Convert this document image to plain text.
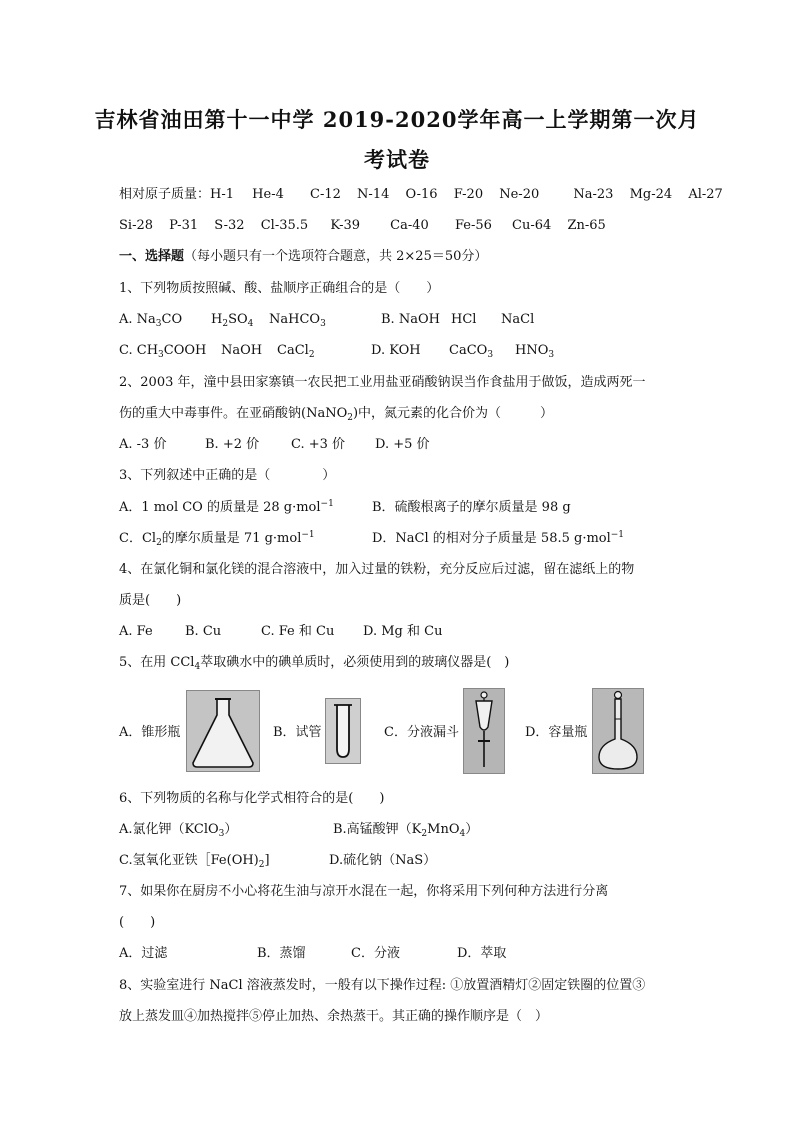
吉林省油田第十一中学 2019-2020学年高一上学期第一次月
考试卷
相对原子质量：H-1 He-4 C-12 N-14 O-16 F-20 Ne-20	Na-23 Mg-24 Al-27
Si-28 P-31 S-32 Cl-35.5 K-39 Ca-40 Fe-56 Cu-64 Zn-65
一、选择题（每小题只有一个选项符合题意，共 2×25＝50分）
1、下列物质按照碱、酸、盐顺序正确组合的是（　　）
A. $Na_3CO$ $H_2SO_4$ NaHCO$_3$	B. NaOH HCl NaCl
C. $CH_3COOH$ NaOH CaCl$_2$	D. KOH CaCO$_3$ $HNO_3$
2、2003 年，潼中县田家寨镇一农民把工业用盐亚硝酸钠误当作食盐用于做饭，造成两死一
伤的重大中毒事件。在亚硝酸钠(NaNO$_2$)中，氮元素的化合价为（　　　）
A. -3 价	B. +2 价 C. +3 价 D. +5 价
3、下列叙述中正确的是（　　　　）
A．1 mol CO 的质量是 28 g·mol$^{-1}$	B．硫酸根离子的摩尔质量是 98 g
C．$Cl_2$的摩尔质量是 71 g·mol$^{-1}$	D．NaCl 的相对分子质量是 58.5 g·mol$^{-1}$
4、在氯化铜和氯化镁的混合溶液中，加入过量的铁粉，充分反应后过滤，留在滤纸上的物
质是(　　)
A. Fe B. Cu	C. Fe 和 Cu D. Mg 和 Cu
5、在用 CCl$_4$萃取碘水中的碘单质时，必须使用到的玻璃仪器是(　)
A．锥形瓶	B．试管	C．分液漏斗	D．容量瓶
6、下列物质的名称与化学式相符合的是(　　)
A.氯化钾（KClO$_3$）	B.高锰酸钾$(K_2MnO_4)$
C.氢氧化亚铁$[Fe(OH)_2$]	D.硫化钠（NaS）
7、如果你在厨房不小心将花生油与凉开水混在一起，你将采用下列何种方法进行分离
(　　)
A．过滤	B．蒸馏	C．分液	D．萃取
8、实验室进行 NaCl 溶液蒸发时，一般有以下操作过程: ①放置酒精灯②固定铁圈的位置③
放上蒸发皿④加热搅拌⑤停止加热、余热蒸干。其正确的操作顺序是（　）
